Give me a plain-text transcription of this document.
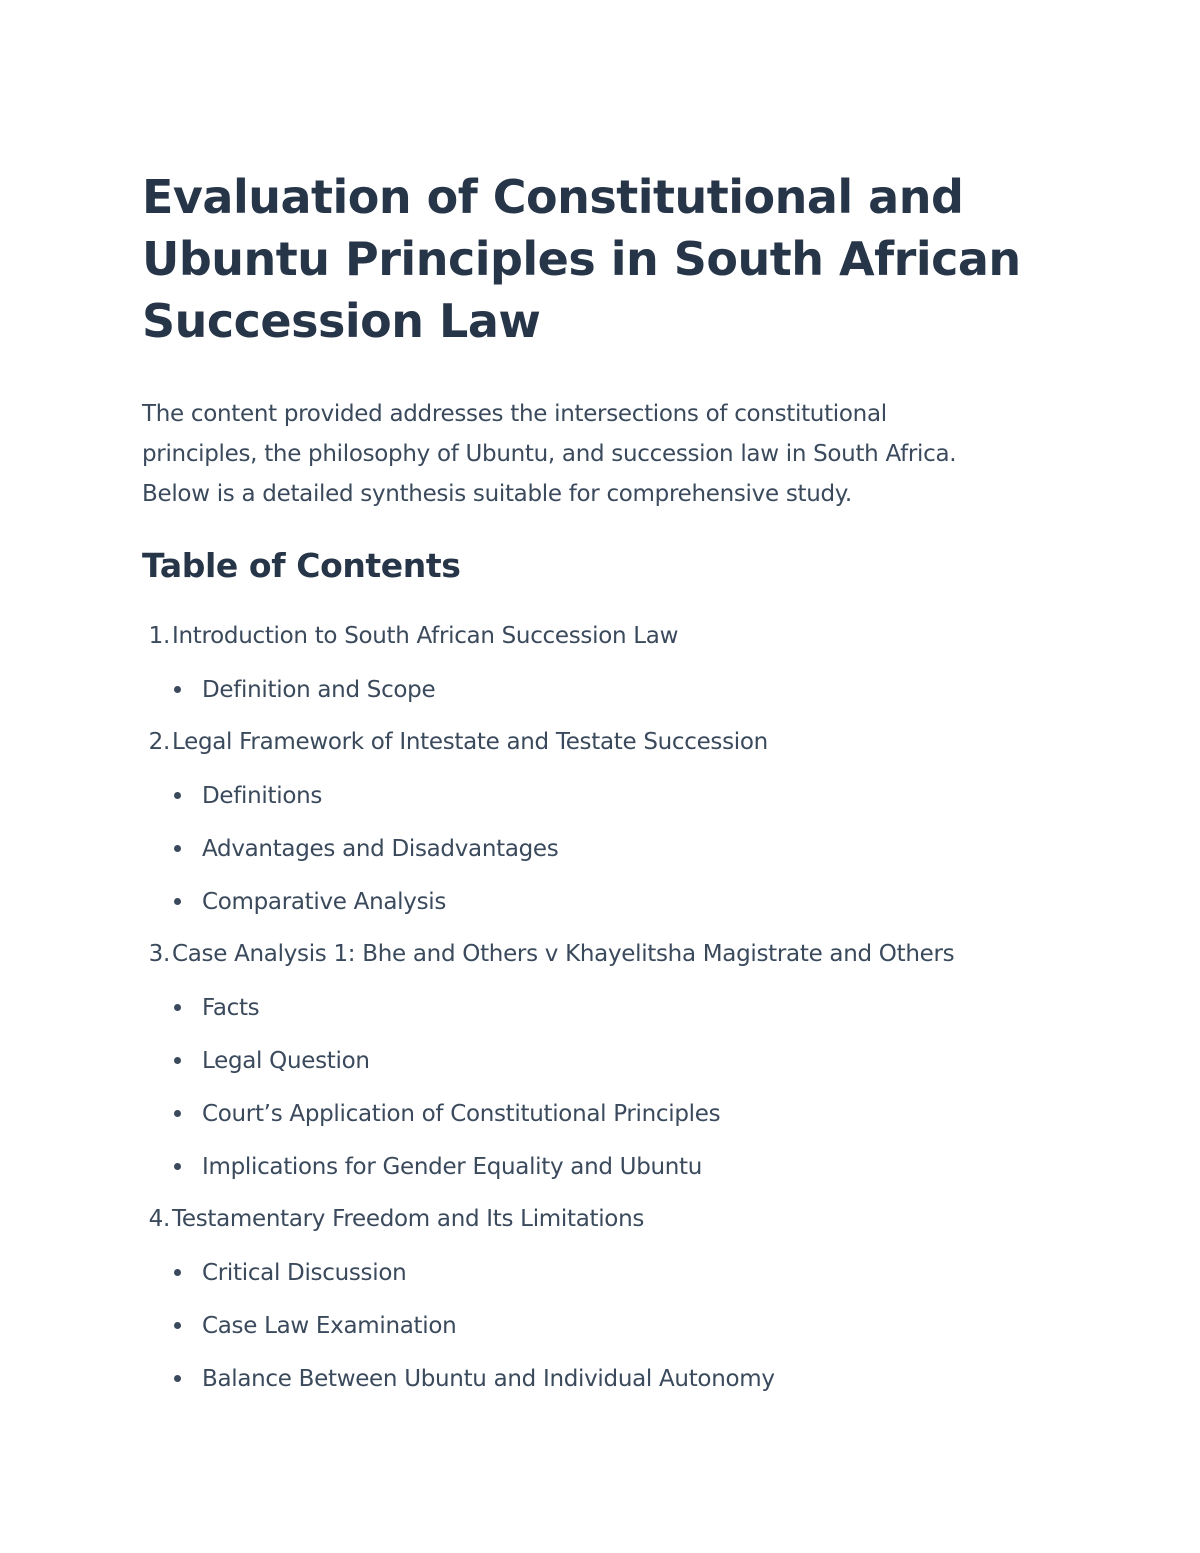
Evaluation of Constitutional and
Ubuntu Principles in South African
Succession Law

The content provided addresses the intersections of constitutional
principles, the philosophy of Ubuntu, and succession law in South Africa.
Below is a detailed synthesis suitable for comprehensive study.

Table of Contents
1. Introduction to South African Succession Law
Definition and Scope
2. Legal Framework of Intestate and Testate Succession
Definitions
Advantages and Disadvantages
Comparative Analysis
3. Case Analysis 1: Bhe and Others v Khayelitsha Magistrate and Others
Facts
Legal Question
Court’s Application of Constitutional Principles
Implications for Gender Equality and Ubuntu
4. Testamentary Freedom and Its Limitations
Critical Discussion
Case Law Examination
Balance Between Ubuntu and Individual Autonomy
